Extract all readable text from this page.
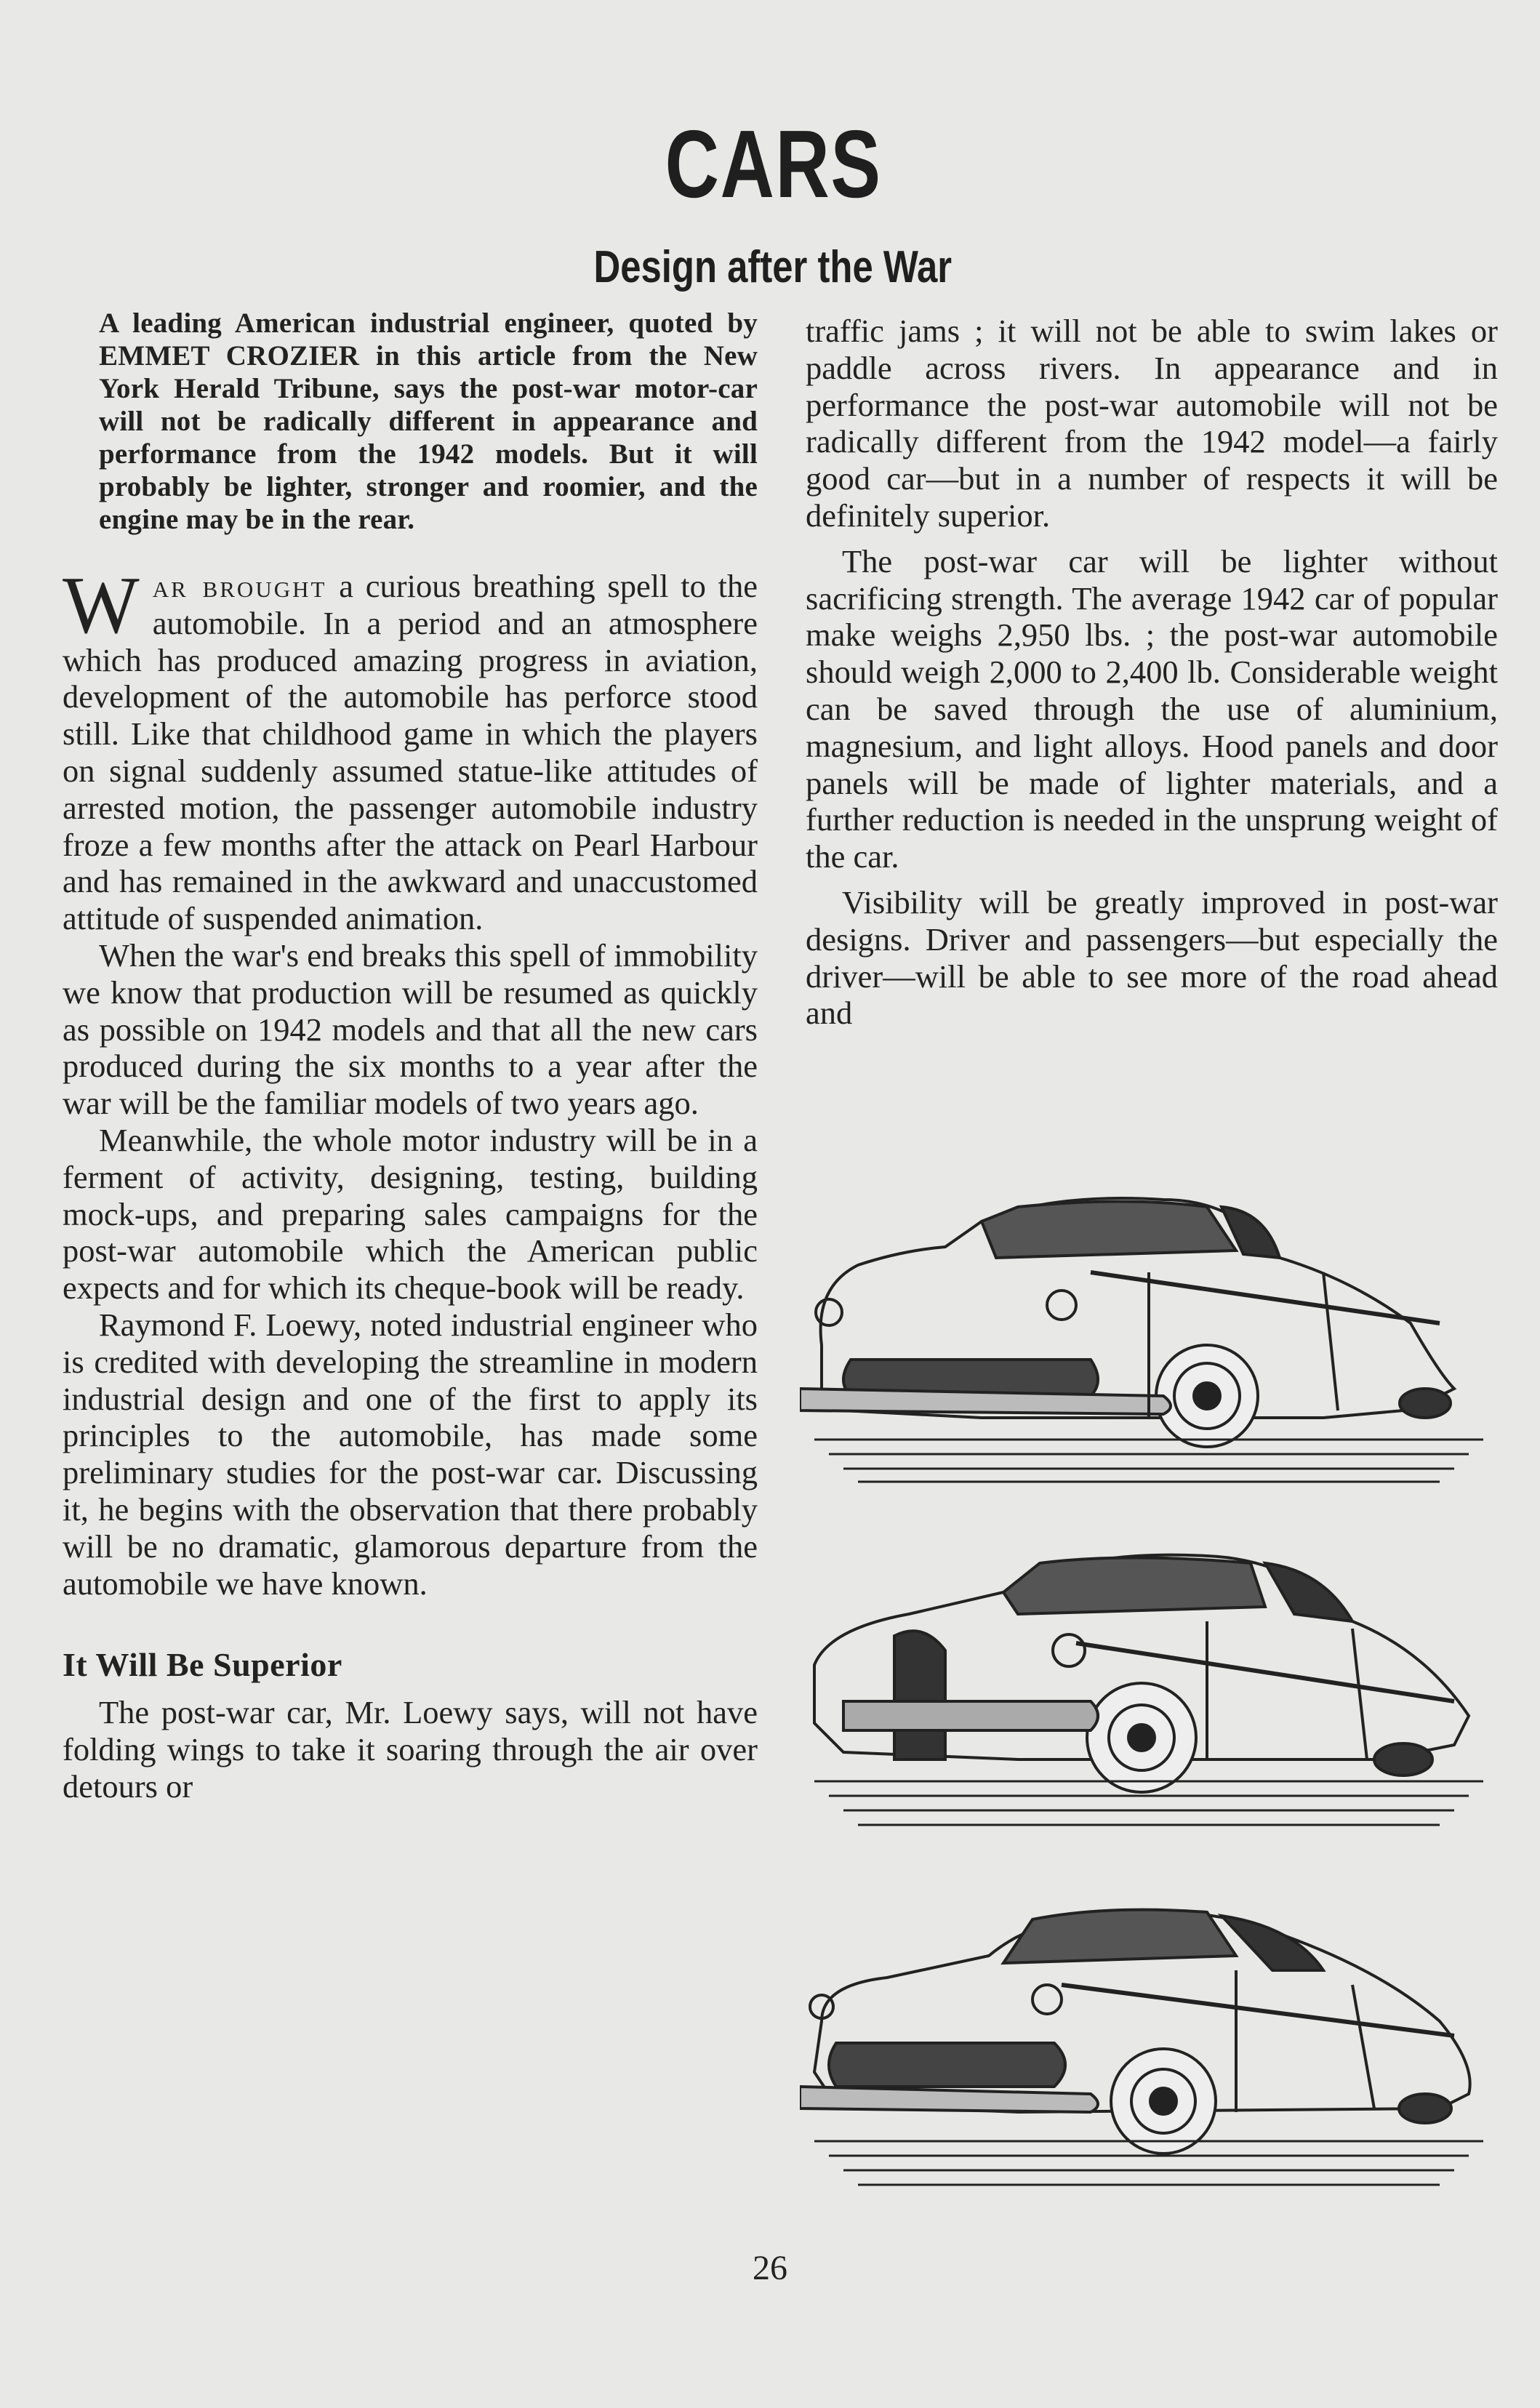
CARS
Design after the War

A leading American industrial engineer, quoted by EMMET CROZIER in this article from the New York Herald Tribune, says the post-war motor-car will not be radically different in appearance and performance from the 1942 models. But it will probably be lighter, stronger and roomier, and the engine may be in the rear.

War brought a curious breathing spell to the automobile. In a period and an atmosphere which has produced amazing progress in aviation, development of the automobile has perforce stood still. Like that childhood game in which the players on signal suddenly assumed statue-like attitudes of arrested motion, the passenger automobile industry froze a few months after the attack on Pearl Harbour and has remained in the awkward and unaccustomed attitude of suspended animation.

When the war's end breaks this spell of immobility we know that production will be resumed as quickly as possible on 1942 models and that all the new cars produced during the six months to a year after the war will be the familiar models of two years ago.

Meanwhile, the whole motor industry will be in a ferment of activity, designing, testing, building mock-ups, and preparing sales campaigns for the post-war automobile which the American public expects and for which its cheque-book will be ready.

Raymond F. Loewy, noted industrial engineer who is credited with developing the streamline in modern industrial design and one of the first to apply its principles to the automobile, has made some preliminary studies for the post-war car. Discussing it, he begins with the observation that there probably will be no dramatic, glamorous departure from the automobile we have known.

It Will Be Superior

The post-war car, Mr. Loewy says, will not have folding wings to take it soaring through the air over detours or

traffic jams ; it will not be able to swim lakes or paddle across rivers. In appearance and in performance the post-war automobile will not be radically different from the 1942 model—a fairly good car—but in a number of respects it will be definitely superior.

The post-war car will be lighter without sacrificing strength. The average 1942 car of popular make weighs 2,950 lbs. ; the post-war automobile should weigh 2,000 to 2,400 lb. Considerable weight can be saved through the use of aluminium, magnesium, and light alloys. Hood panels and door panels will be made of lighter materials, and a further reduction is needed in the unsprung weight of the car.

Visibility will be greatly improved in post-war designs. Driver and passengers—but especially the driver—will be able to see more of the road ahead and

26
